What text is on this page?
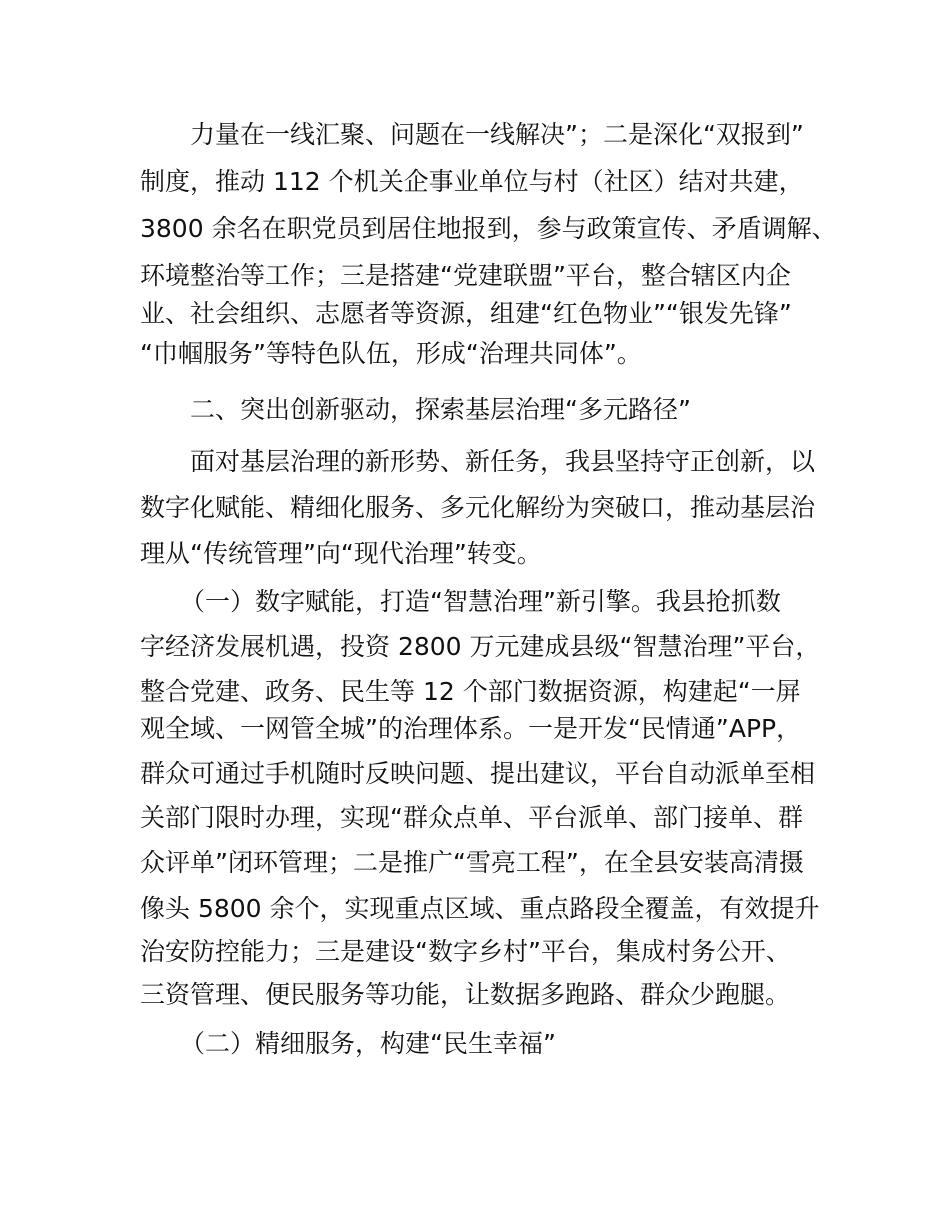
力量在一线汇聚、问题在一线解决”；二是深化“双报到”
制度，推动 112 个机关企事业单位与村（社区）结对共建，
3800 余名在职党员到居住地报到，参与政策宣传、矛盾调解、
环境整治等工作；三是搭建“党建联盟”平台，整合辖区内企
业、社会组织、志愿者等资源，组建“红色物业”“银发先锋”
“巾帼服务”等特色队伍，形成“治理共同体”。
二、突出创新驱动，探索基层治理“多元路径”
面对基层治理的新形势、新任务，我县坚持守正创新，以
数字化赋能、精细化服务、多元化解纷为突破口，推动基层治
理从“传统管理”向“现代治理”转变。
（一）数字赋能，打造“智慧治理”新引擎。我县抢抓数
字经济发展机遇，投资 2800 万元建成县级“智慧治理”平台，
整合党建、政务、民生等 12 个部门数据资源，构建起“一屏
观全域、一网管全城”的治理体系。一是开发“民情通”APP，
群众可通过手机随时反映问题、提出建议，平台自动派单至相
关部门限时办理，实现“群众点单、平台派单、部门接单、群
众评单”闭环管理；二是推广“雪亮工程”，在全县安装高清摄
像头 5800 余个，实现重点区域、重点路段全覆盖，有效提升
治安防控能力；三是建设“数字乡村”平台，集成村务公开、
三资管理、便民服务等功能，让数据多跑路、群众少跑腿。
（二）精细服务，构建“民生幸福”
